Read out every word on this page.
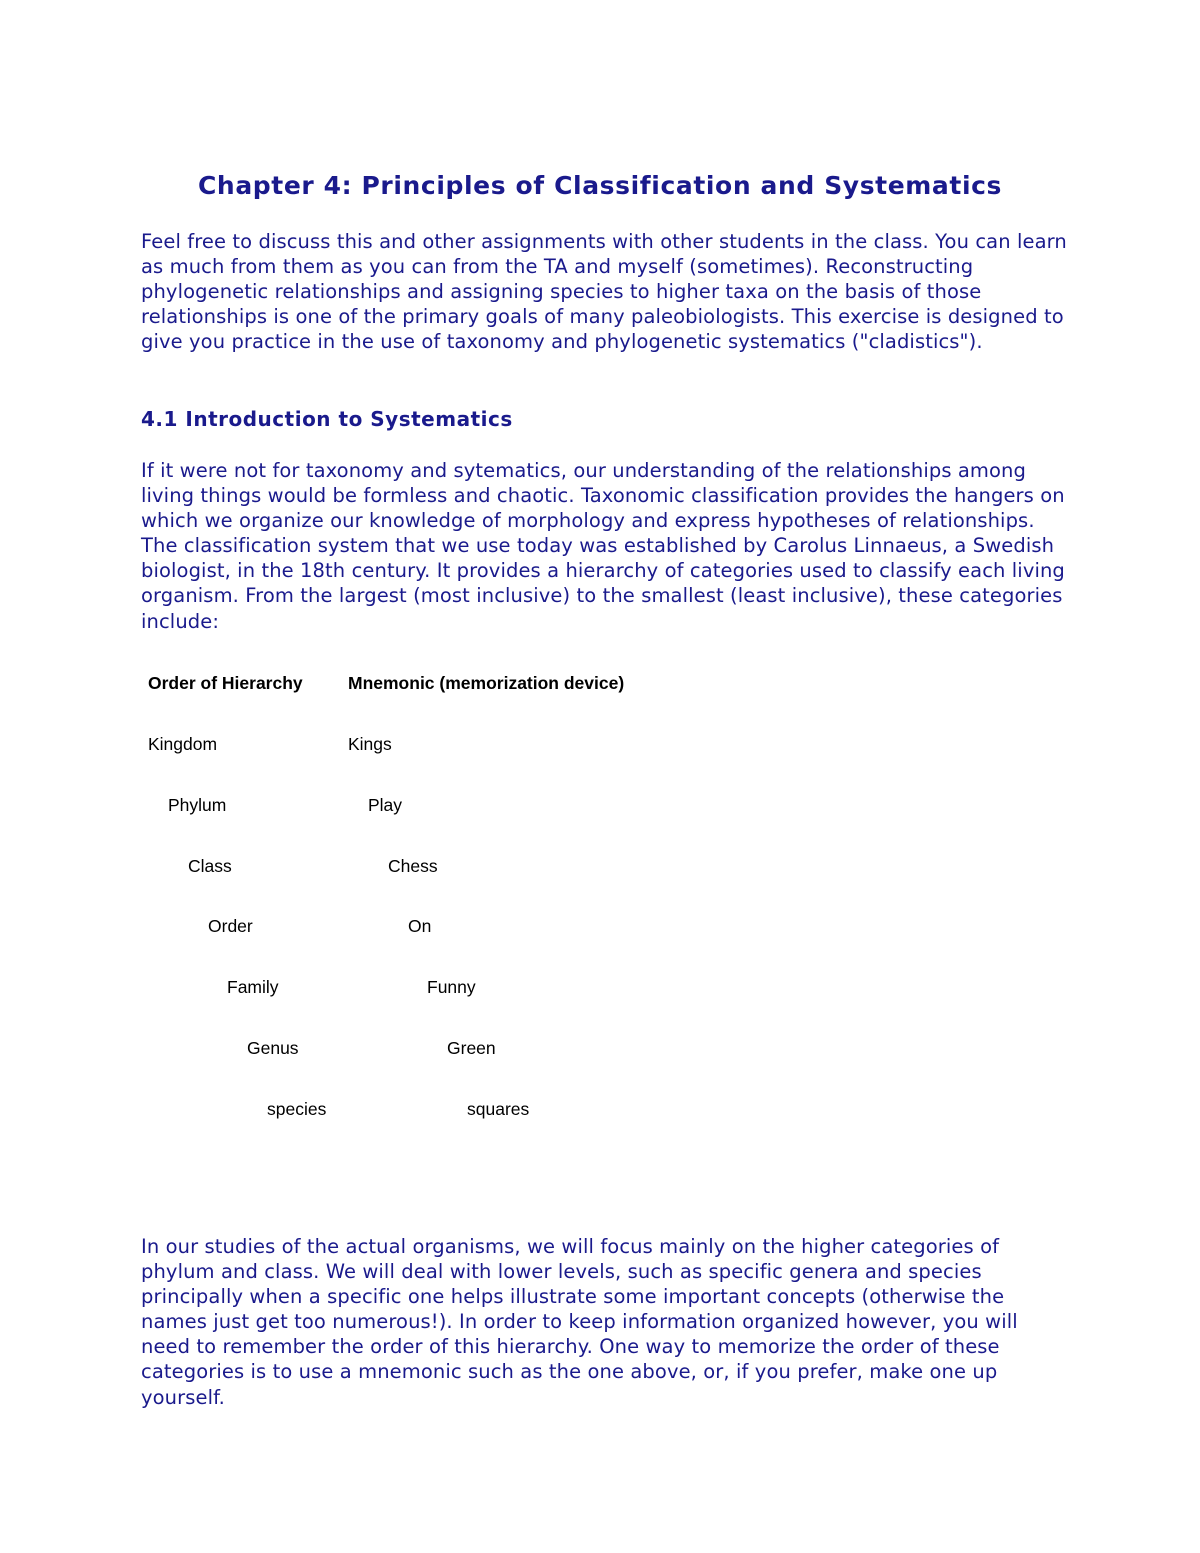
Chapter 4: Principles of Classification and Systematics

Feel free to discuss this and other assignments with other students in the class. You can learn as much from them as you can from the TA and myself (sometimes). Reconstructing phylogenetic relationships and assigning species to higher taxa on the basis of those relationships is one of the primary goals of many paleobiologists. This exercise is designed to give you practice in the use of taxonomy and phylogenetic systematics ("cladistics").

4.1 Introduction to Systematics

If it were not for taxonomy and sytematics, our understanding of the relationships among living things would be formless and chaotic. Taxonomic classification provides the hangers on which we organize our knowledge of morphology and express hypotheses of relationships. The classification system that we use today was established by Carolus Linnaeus, a Swedish biologist, in the 18th century. It provides a hierarchy of categories used to classify each living organism. From the largest (most inclusive) to the smallest (least inclusive), these categories include:

Order of Hierarchy	Mnemonic (memorization device)
Kingdom	Kings
Phylum	Play
Class	Chess
Order	On
Family	Funny
Genus	Green
species	squares

In our studies of the actual organisms, we will focus mainly on the higher categories of phylum and class. We will deal with lower levels, such as specific genera and species principally when a specific one helps illustrate some important concepts (otherwise the names just get too numerous!). In order to keep information organized however, you will need to remember the order of this hierarchy. One way to memorize the order of these categories is to use a mnemonic such as the one above, or, if you prefer, make one up yourself.
